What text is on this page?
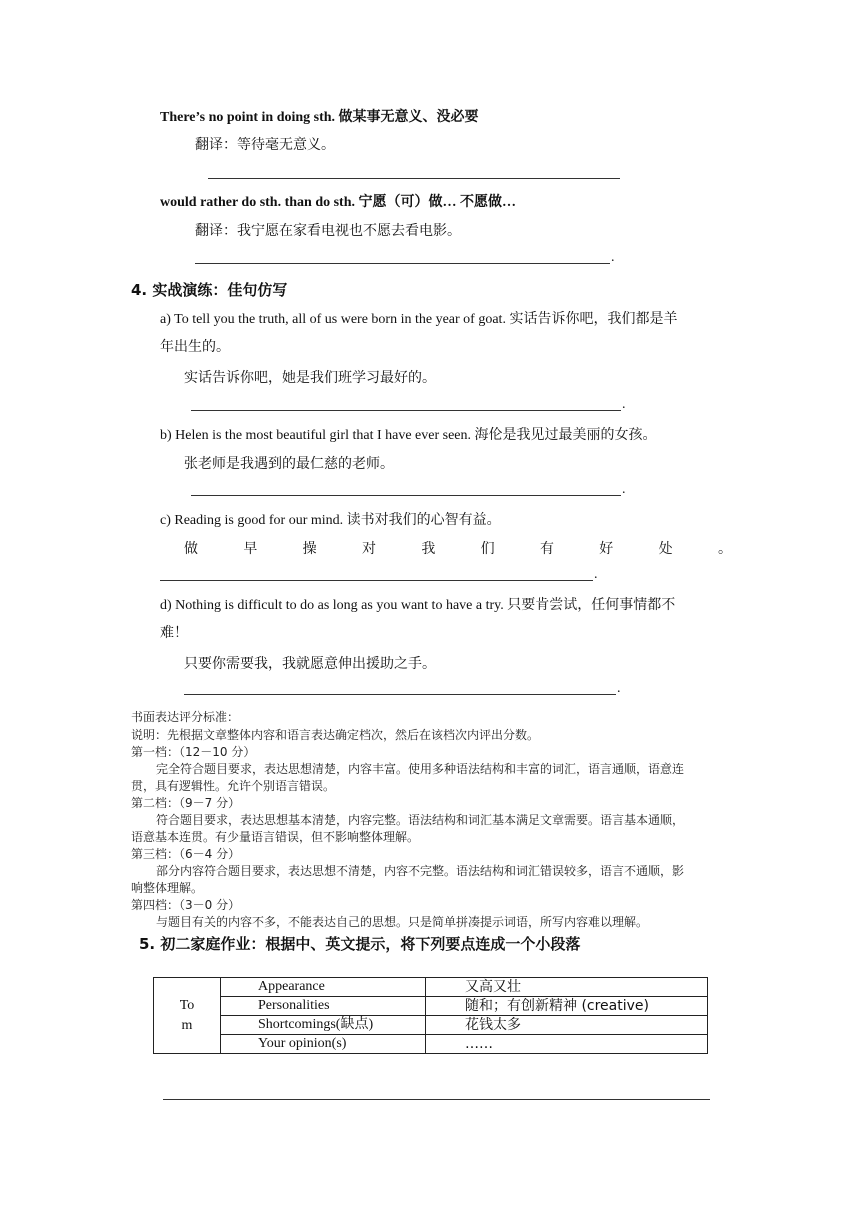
There’s no point in doing sth. 做某事无意义、没必要
翻译：等待毫无意义。
would rather do sth. than do sth. 宁愿（可）做… 不愿做…
翻译：我宁愿在家看电视也不愿去看电影。
.
4. 实战演练：佳句仿写
a) To tell you the truth, all of us were born in the year of goat. 实话告诉你吧，我们都是羊
年出生的。
实话告诉你吧，她是我们班学习最好的。
.
b) Helen is the most beautiful girl that I have ever seen. 海伦是我见过最美丽的女孩。
张老师是我遇到的最仁慈的老师。
.
c) Reading is good for our mind. 读书对我们的心智有益。
做	早	操	对	我	们	有	好	处	。
.
d) Nothing is difficult to do as long as you want to have a try. 只要肯尝试，任何事情都不
难！
只要你需要我，我就愿意伸出援助之手。
.
书面表达评分标准：
说明：先根据文章整体内容和语言表达确定档次，然后在该档次内评出分数。
第一档：（12－10 分）
完全符合题目要求，表达思想清楚，内容丰富。使用多种语法结构和丰富的词汇，语言通顺，语意连
贯，具有逻辑性。允许个别语言错误。
第二档：（9－7 分）
符合题目要求，表达思想基本清楚，内容完整。语法结构和词汇基本满足文章需要。语言基本通顺，
语意基本连贯。有少量语言错误，但不影响整体理解。
第三档：（6－4 分）
部分内容符合题目要求，表达思想不清楚，内容不完整。语法结构和词汇错误较多，语言不通顺，影
响整体理解。
第四档：（3－0 分）
与题目有关的内容不多，不能表达自己的思想。只是简单拼凑提示词语，所写内容难以理解。
5. 初二家庭作业：根据中、英文提示，将下列要点连成一个小段落
To
m	Appearance	又高又壮
	Personalities	随和；有创新精神 (creative)
	Shortcomings(缺点)	花钱太多
	Your opinion(s)	……
